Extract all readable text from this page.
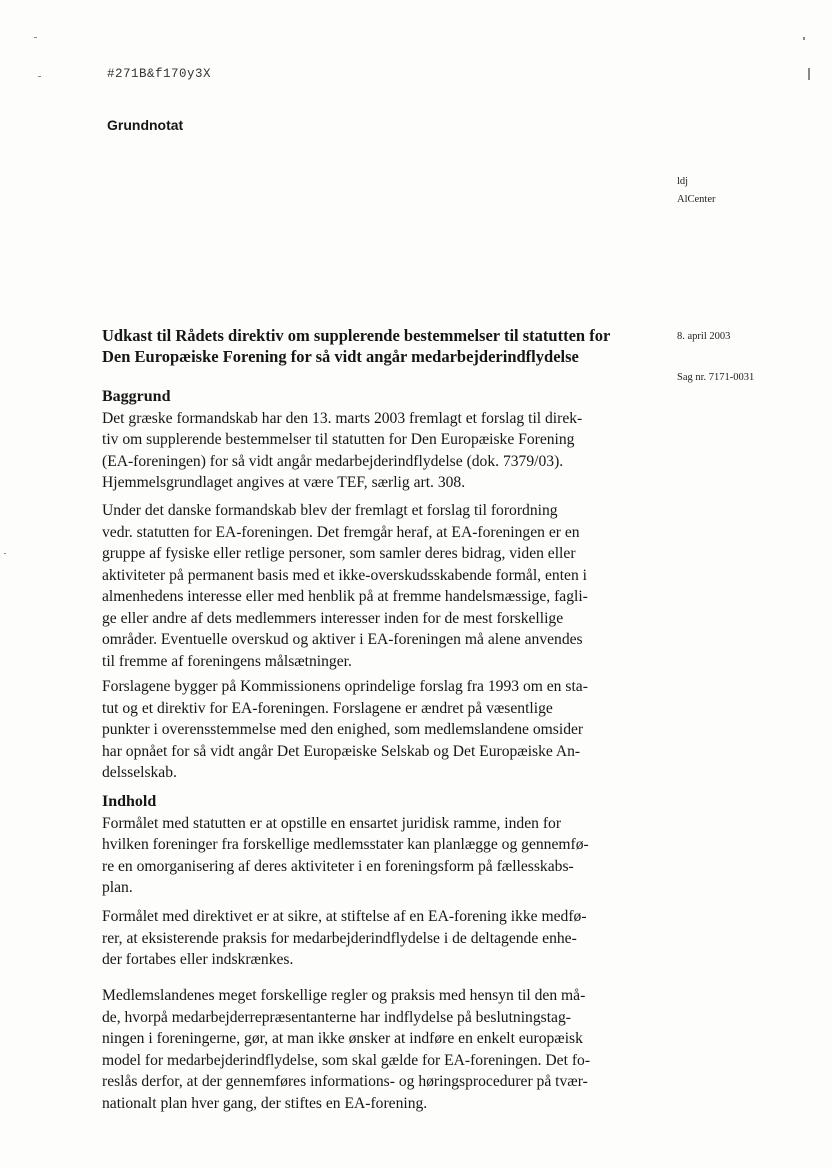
#271B&f170y3X
Grundnotat
ldj
AlCenter
8. april 2003
Sag nr. 7171-0031
Udkast til Rådets direktiv om supplerende bestemmelser til statutten for
Den Europæiske Forening for så vidt angår medarbejderindflydelse
Baggrund
Det græske formandskab har den 13. marts 2003 fremlagt et forslag til direk-
tiv om supplerende bestemmelser til statutten for Den Europæiske Forening
(EA-foreningen) for så vidt angår medarbejderindflydelse (dok. 7379/03).
Hjemmelsgrundlaget angives at være TEF, særlig art. 308.
Under det danske formandskab blev der fremlagt et forslag til forordning
vedr. statutten for EA-foreningen. Det fremgår heraf, at EA-foreningen er en
gruppe af fysiske eller retlige personer, som samler deres bidrag, viden eller
aktiviteter på permanent basis med et ikke-overskudsskabende formål, enten i
almenhedens interesse eller med henblik på at fremme handelsmæssige, fagli-
ge eller andre af dets medlemmers interesser inden for de mest forskellige
områder. Eventuelle overskud og aktiver i EA-foreningen må alene anvendes
til fremme af foreningens målsætninger.
Forslagene bygger på Kommissionens oprindelige forslag fra 1993 om en sta-
tut og et direktiv for EA-foreningen. Forslagene er ændret på væsentlige
punkter i overensstemmelse med den enighed, som medlemslandene omsider
har opnået for så vidt angår Det Europæiske Selskab og Det Europæiske An-
delsselskab.
Indhold
Formålet med statutten er at opstille en ensartet juridisk ramme, inden for
hvilken foreninger fra forskellige medlemsstater kan planlægge og gennemfø-
re en omorganisering af deres aktiviteter i en foreningsform på fællesskabs-
plan.
Formålet med direktivet er at sikre, at stiftelse af en EA-forening ikke medfø-
rer, at eksisterende praksis for medarbejderindflydelse i de deltagende enhe-
der fortabes eller indskrænkes.
Medlemslandenes meget forskellige regler og praksis med hensyn til den må-
de, hvorpå medarbejderrepræsentanterne har indflydelse på beslutningstag-
ningen i foreningerne, gør, at man ikke ønsker at indføre en enkelt europæisk
model for medarbejderindflydelse, som skal gælde for EA-foreningen. Det fo-
reslås derfor, at der gennemføres informations- og høringsprocedurer på tvær-
nationalt plan hver gang, der stiftes en EA-forening.
